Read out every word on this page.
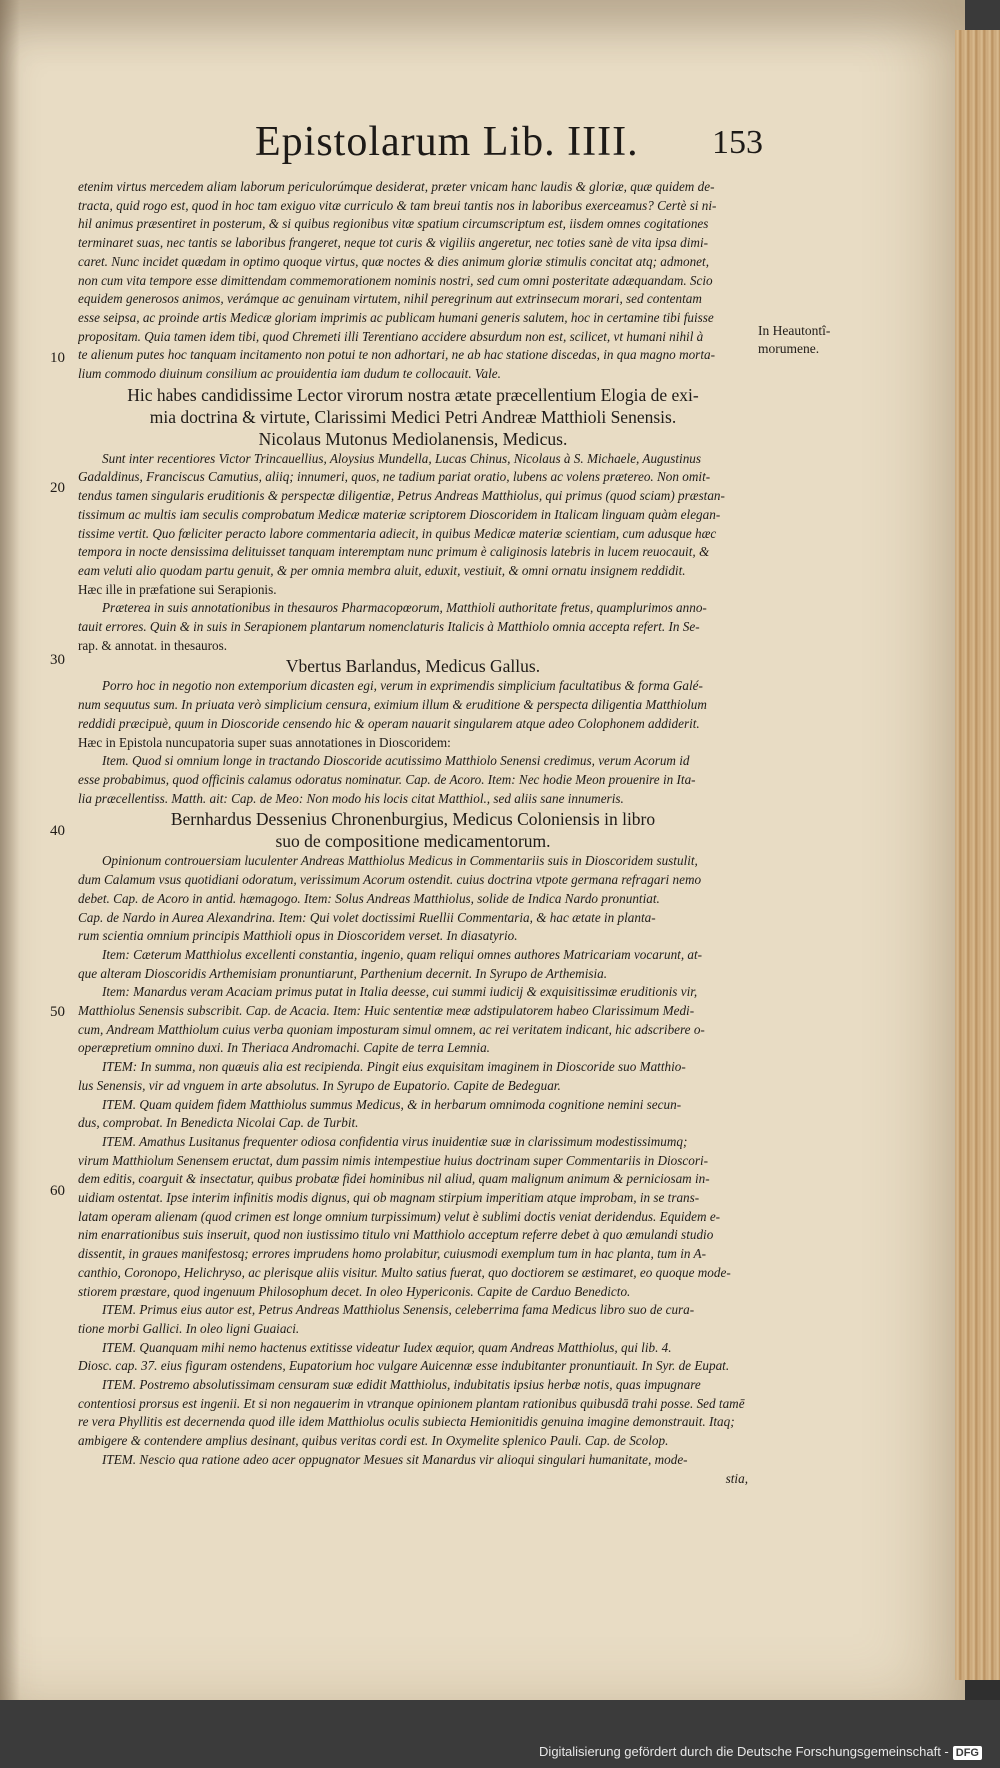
Epistolarum Lib. IIII. 153
10
20
30
40
50
60
In Heautontî-
morumene.
etenim virtus mercedem aliam laborum periculorúmque desiderat, præter vnicam hanc laudis & gloriæ, quæ quidem de-
tracta, quid rogo est, quod in hoc tam exiguo vitæ curriculo & tam breui tantis nos in laboribus exerceamus? Certè si ni-
hil animus præsentiret in posterum, & si quibus regionibus vitæ spatium circumscriptum est, iisdem omnes cogitationes
terminaret suas, nec tantis se laboribus frangeret, neque tot curis & vigiliis angeretur, nec toties sanè de vita ipsa dimi-
caret. Nunc incidet quædam in optimo quoque virtus, quæ noctes & dies animum gloriæ stimulis concitat atq; admonet,
non cum vita tempore esse dimittendam commemorationem nominis nostri, sed cum omni posteritate adæquandam. Scio
equidem generosos animos, verámque ac genuinam virtutem, nihil peregrinum aut extrinsecum morari, sed contentam
esse seipsa, ac proinde artis Medicæ gloriam imprimis ac publicam humani generis salutem, hoc in certamine tibi fuisse
propositam. Quia tamen idem tibi, quod Chremeti illi Terentiano accidere absurdum non est, scilicet, vt humani nihil à
te alienum putes hoc tanquam incitamento non potui te non adhortari, ne ab hac statione discedas, in qua magno morta-
lium commodo diuinum consilium ac prouidentia iam dudum te collocauit. Vale.
Hic habes candidissime Lector virorum nostra ætate præcellentium Elogia de exi-
mia doctrina & virtute, Clarissimi Medici Petri Andreæ Matthioli Senensis.
Nicolaus Mutonus Mediolanensis, Medicus.
Sunt inter recentiores Victor Trincauellius, Aloysius Mundella, Lucas Chinus, Nicolaus à S. Michaele, Augustinus
Gadaldinus, Franciscus Camutius, aliiq; innumeri, quos, ne tadium pariat oratio, lubens ac volens prætereo. Non omit-
tendus tamen singularis eruditionis & perspectæ diligentiæ, Petrus Andreas Matthiolus, qui primus (quod sciam) præstan-
tissimum ac multis iam seculis comprobatum Medicæ materiæ scriptorem Dioscoridem in Italicam linguam quàm elegan-
tissime vertit. Quo fœliciter peracto labore commentaria adiecit, in quibus Medicæ materiæ scientiam, cum adusque hæc
tempora in nocte densissima delituisset tanquam interemptam nunc primum è caliginosis latebris in lucem reuocauit, &
eam veluti alio quodam partu genuit, & per omnia membra aluit, eduxit, vestiuit, & omni ornatu insignem reddidit.
Hæc ille in præfatione sui Serapionis.
Præterea in suis annotationibus in thesauros Pharmacopœorum, Matthioli authoritate fretus, quamplurimos anno-
tauit errores. Quin & in suis in Serapionem plantarum nomenclaturis Italicis à Matthiolo omnia accepta refert. In Se-
rap. & annotat. in thesauros.
Vbertus Barlandus, Medicus Gallus.
Porro hoc in negotio non extemporium dicasten egi, verum in exprimendis simplicium facultatibus & forma Galé-
num sequutus sum. In priuata verò simplicium censura, eximium illum & eruditione & perspecta diligentia Matthiolum
reddidi præcipuè, quum in Dioscoride censendo hic & operam nauarit singularem atque adeo Colophonem addiderit.
Hæc in Epistola nuncupatoria super suas annotationes in Dioscoridem:
Item. Quod si omnium longe in tractando Dioscoride acutissimo Matthiolo Senensi credimus, verum Acorum id
esse probabimus, quod officinis calamus odoratus nominatur. Cap. de Acoro. Item: Nec hodie Meon prouenire in Ita-
lia præcellentiss. Matth. ait: Cap. de Meo: Non modo his locis citat Matthiol., sed aliis sane innumeris.
Bernhardus Dessenius Chronenburgius, Medicus Coloniensis in libro
suo de compositione medicamentorum.
Opinionum controuersiam luculenter Andreas Matthiolus Medicus in Commentariis suis in Dioscoridem sustulit,
dum Calamum vsus quotidiani odoratum, verissimum Acorum ostendit. cuius doctrina vtpote germana refragari nemo
debet. Cap. de Acoro in antid. hæmagogo. Item: Solus Andreas Matthiolus, solide de Indica Nardo pronuntiat.
Cap. de Nardo in Aurea Alexandrina. Item: Qui volet doctissimi Ruellii Commentaria, & hac ætate in planta-
rum scientia omnium principis Matthioli opus in Dioscoridem verset. In diasatyrio.
Item: Cæterum Matthiolus excellenti constantia, ingenio, quam reliqui omnes authores Matricariam vocarunt, at-
que alteram Dioscoridis Arthemisiam pronuntiarunt, Parthenium decernit. In Syrupo de Arthemisia.
Item: Manardus veram Acaciam primus putat in Italia deesse, cui summi iudicij & exquisitissimæ eruditionis vir,
Matthiolus Senensis subscribit. Cap. de Acacia. Item: Huic sententiæ meæ adstipulatorem habeo Clarissimum Medi-
cum, Andream Matthiolum cuius verba quoniam imposturam simul omnem, ac rei veritatem indicant, hic adscribere o-
operæpretium omnino duxi. In Theriaca Andromachi. Capite de terra Lemnia.
ITEM: In summa, non quæuis alia est recipienda. Pingit eius exquisitam imaginem in Dioscoride suo Matthio-
lus Senensis, vir ad vnguem in arte absolutus. In Syrupo de Eupatorio. Capite de Bedeguar.
ITEM. Quam quidem fidem Matthiolus summus Medicus, & in herbarum omnimoda cognitione nemini secun-
dus, comprobat. In Benedicta Nicolai Cap. de Turbit.
ITEM. Amathus Lusitanus frequenter odiosa confidentia virus inuidentiæ suæ in clarissimum modestissimumq;
virum Matthiolum Senensem eructat, dum passim nimis intempestiue huius doctrinam super Commentariis in Dioscori-
dem editis, coarguit & insectatur, quibus probatæ fidei hominibus nil aliud, quam malignum animum & perniciosam in-
uidiam ostentat. Ipse interim infinitis modis dignus, qui ob magnam stirpium imperitiam atque improbam, in se trans-
latam operam alienam (quod crimen est longe omnium turpissimum) velut è sublimi doctis veniat deridendus. Equidem e-
nim enarrationibus suis inseruit, quod non iustissimo titulo vni Matthiolo acceptum referre debet à quo æmulandi studio
dissentit, in graues manifestosq; errores imprudens homo prolabitur, cuiusmodi exemplum tum in hac planta, tum in A-
canthio, Coronopo, Helichryso, ac plerisque aliis visitur. Multo satius fuerat, quo doctiorem se æstimaret, eo quoque mode-
stiorem præstare, quod ingenuum Philosophum decet. In oleo Hypericonis. Capite de Carduo Benedicto.
ITEM. Primus eius autor est, Petrus Andreas Matthiolus Senensis, celeberrima fama Medicus libro suo de cura-
tione morbi Gallici. In oleo ligni Guaiaci.
ITEM. Quanquam mihi nemo hactenus extitisse videatur Iudex æquior, quam Andreas Matthiolus, qui lib. 4.
Diosc. cap. 37. eius figuram ostendens, Eupatorium hoc vulgare Auicennæ esse indubitanter pronuntiauit. In Syr. de Eupat.
ITEM. Postremo absolutissimam censuram suæ edidit Matthiolus, indubitatis ipsius herbæ notis, quas impugnare
contentiosi prorsus est ingenii. Et si non negauerim in vtranque opinionem plantam rationibus quibusdā trahi posse. Sed tamē
re vera Phyllitis est decernenda quod ille idem Matthiolus oculis subiecta Hemionitidis genuina imagine demonstrauit. Itaq;
ambigere & contendere amplius desinant, quibus veritas cordi est. In Oxymelite splenico Pauli. Cap. de Scolop.
ITEM. Nescio qua ratione adeo acer oppugnator Mesues sit Manardus vir alioqui singulari humanitate, mode-
stia,
Digitalisierung gefördert durch die Deutsche Forschungsgemeinschaft - DFG
